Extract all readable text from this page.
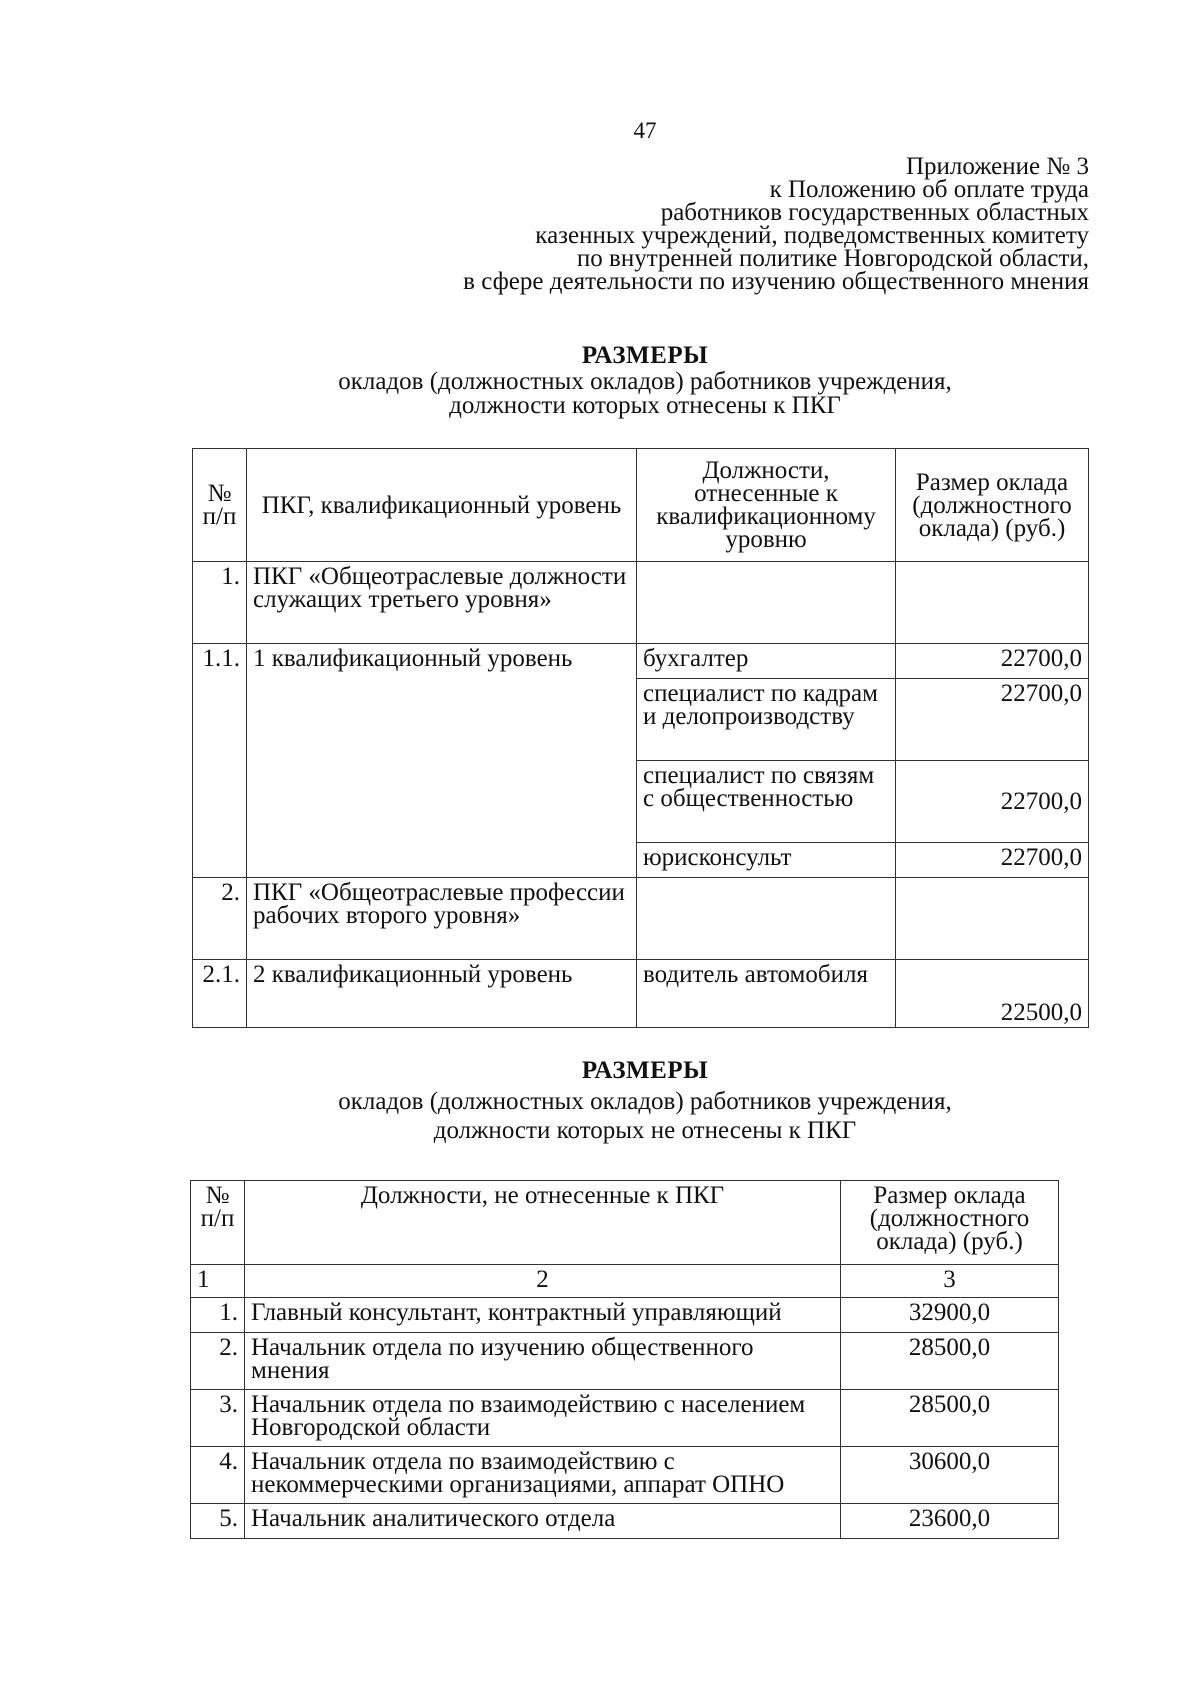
47
Приложение № 3
к Положению об оплате труда
работников государственных областных
казенных учреждений, подведомственных комитету
по внутренней политике Новгородской области,
в сфере деятельности по изучению общественного мнения
РАЗМЕРЫ
окладов (должностных окладов) работников учреждения,
должности которых отнесены к ПКГ
№ п/п	ПКГ, квалификационный уровень	Должности, отнесенные к квалификационному уровню	Размер оклада (должностного оклада) (руб.)
1.	ПКГ «Общеотраслевые должности служащих третьего уровня»		
1.1.	1 квалификационный уровень	бухгалтер	22700,0
		специалист по кадрам и делопроизводству	22700,0
		специалист по связям с общественностью	22700,0
		юрисконсульт	22700,0
2.	ПКГ «Общеотраслевые профессии рабочих второго уровня»		
2.1.	2 квалификационный уровень	водитель автомобиля	22500,0
РАЗМЕРЫ
окладов (должностных окладов) работников учреждения,
должности которых не отнесены к ПКГ
№ п/п	Должности, не отнесенные к ПКГ	Размер оклада (должностного оклада) (руб.)
1	2	3
1.	Главный консультант, контрактный управляющий	32900,0
2.	Начальник отдела по изучению общественного мнения	28500,0
3.	Начальник отдела по взаимодействию с населением Новгородской области	28500,0
4.	Начальник отдела по взаимодействию с некоммерческими организациями, аппарат ОПНО	30600,0
5.	Начальник аналитического отдела	23600,0
